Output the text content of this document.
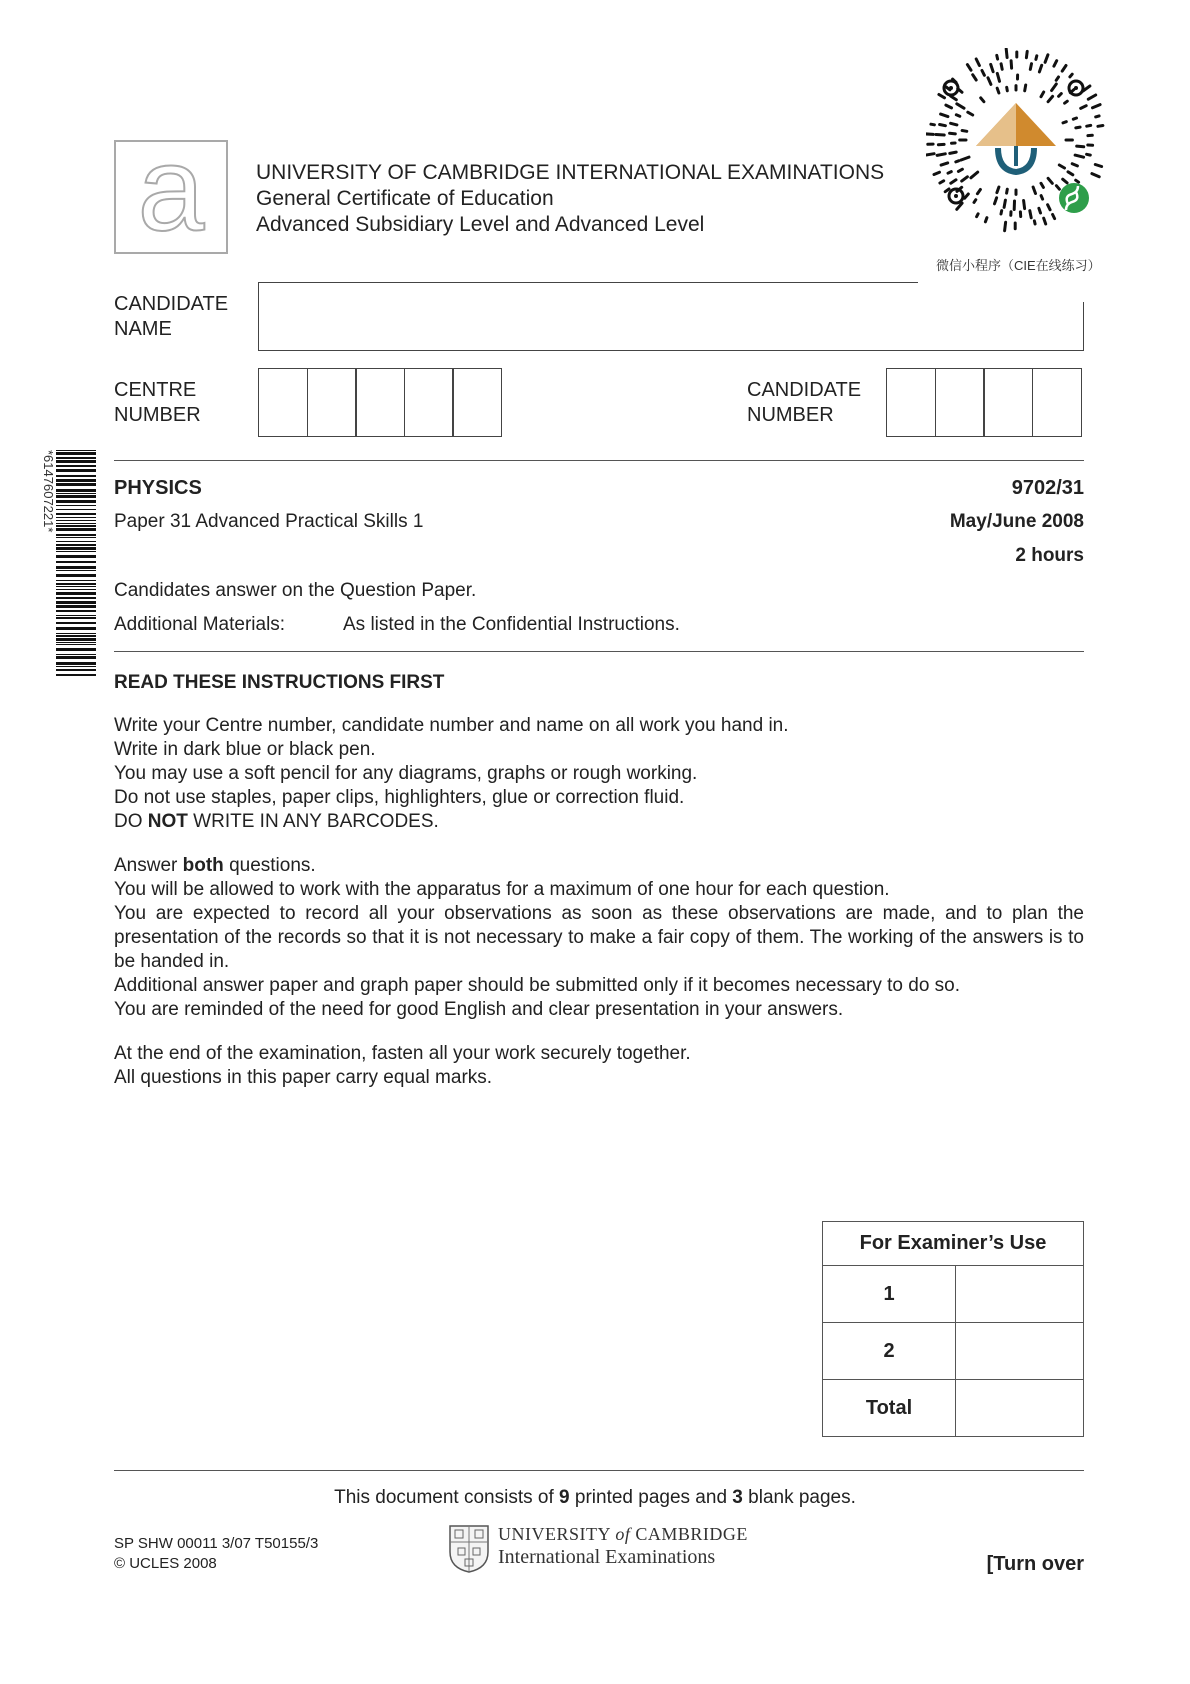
a UNIVERSITY OF CAMBRIDGE INTERNATIONAL EXAMINATIONS
General Certificate of Education
Advanced Subsidiary Level and Advanced Level
微信小程序（CIE在线练习）
*6147607221*
CANDIDATE
NAME
CENTRE
NUMBER
CANDIDATE
NUMBER
PHYSICS	9702/31
Paper 31 Advanced Practical Skills 1	May/June 2008
2 hours
Candidates answer on the Question Paper.
Additional Materials:	As listed in the Confidential Instructions.
READ THESE INSTRUCTIONS FIRST

Write your Centre number, candidate number and name on all work you hand in.

Write in dark blue or black pen.

You may use a soft pencil for any diagrams, graphs or rough working.

Do not use staples, paper clips, highlighters, glue or correction fluid.

DO NOT WRITE IN ANY BARCODES.

Answer both questions.

You will be allowed to work with the apparatus for a maximum of one hour for each question.

You are expected to record all your observations as soon as these observations are made, and to plan the presentation of the records so that it is not necessary to make a fair copy of them. The working of the answers is to be handed in.

Additional answer paper and graph paper should be submitted only if it becomes necessary to do so.

You are reminded of the need for good English and clear presentation in your answers.

At the end of the examination, fasten all your work securely together.

All questions in this paper carry equal marks.

For Examiner’s Use	
1	
2	
Total	
This document consists of 9 printed pages and 3 blank pages.
SP SHW 00011 3/07 T50155/3
© UCLES 2008
UNIVERSITY of CAMBRIDGE
International Examinations	[Turn over
